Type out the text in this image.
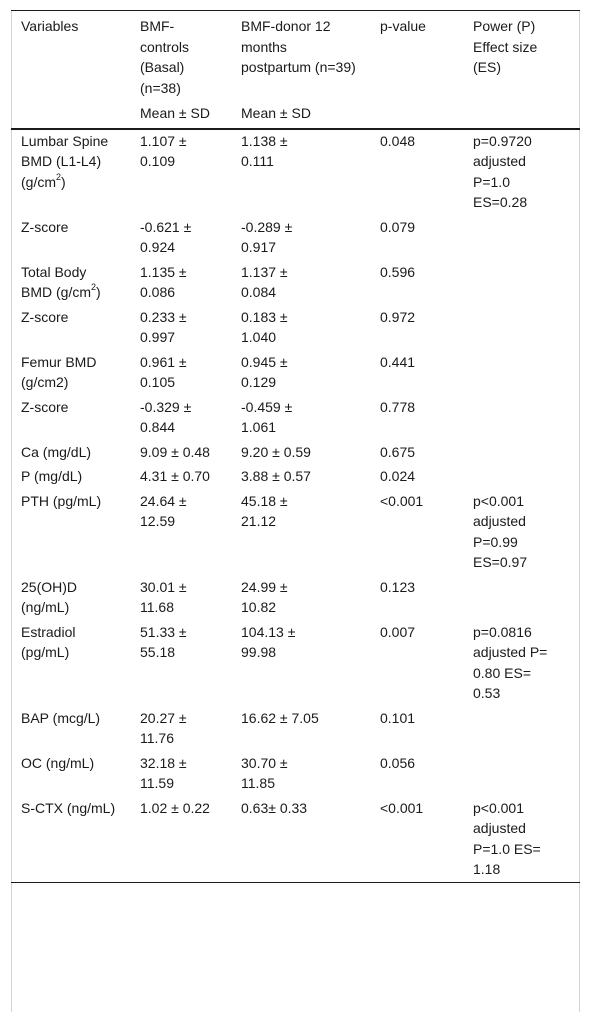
Variables	BMF-controls (Basal) (n=38)	BMF-donor 12 months postpartum (n=39)	p-value	Power (P) Effect size (ES)

	Mean ± SD	Mean ± SD		

Lumbar Spine BMD (L1-L4) $(g/cm^2)$	1.107 ± 0.109	1.138 ± 0.111	0.048	p=0.9720 adjusted P=1.0 ES=0.28

Z-score	-0.621 ± 0.924	-0.289 ± 0.917	0.079	

Total Body BMD $(g/cm^2)$	1.135 ± 0.086	1.137 ± 0.084	0.596	

Z-score	0.233 ± 0.997	0.183 ± 1.040	0.972	

Femur BMD (g/cm2)	0.961 ± 0.105	0.945 ± 0.129	0.441	

Z-score	-0.329 ± 0.844	-0.459 ± 1.061	0.778	

Ca (mg/dL)	9.09 ± 0.48	9.20 ± 0.59	0.675	

P (mg/dL)	4.31 ± 0.70	3.88 ± 0.57	0.024	

PTH (pg/mL)	24.64 ± 12.59	45.18 ± 21.12	<0.001	p<0.001 adjusted P=0.99 ES=0.97

25(OH)D (ng/mL)	30.01 ± 11.68	24.99 ± 10.82	0.123	

Estradiol (pg/mL)	51.33 ± 55.18	104.13 ± 99.98	0.007	p=0.0816 adjusted P= 0.80 ES= 0.53

BAP (mcg/L)	20.27 ± 11.76	16.62 ± 7.05	0.101	

OC (ng/mL)	32.18 ± 11.59	30.70 ± 11.85	0.056	

S-CTX (ng/mL)	1.02 ± 0.22	0.63± 0.33	<0.001	p<0.001 adjusted P=1.0 ES= 1.18
